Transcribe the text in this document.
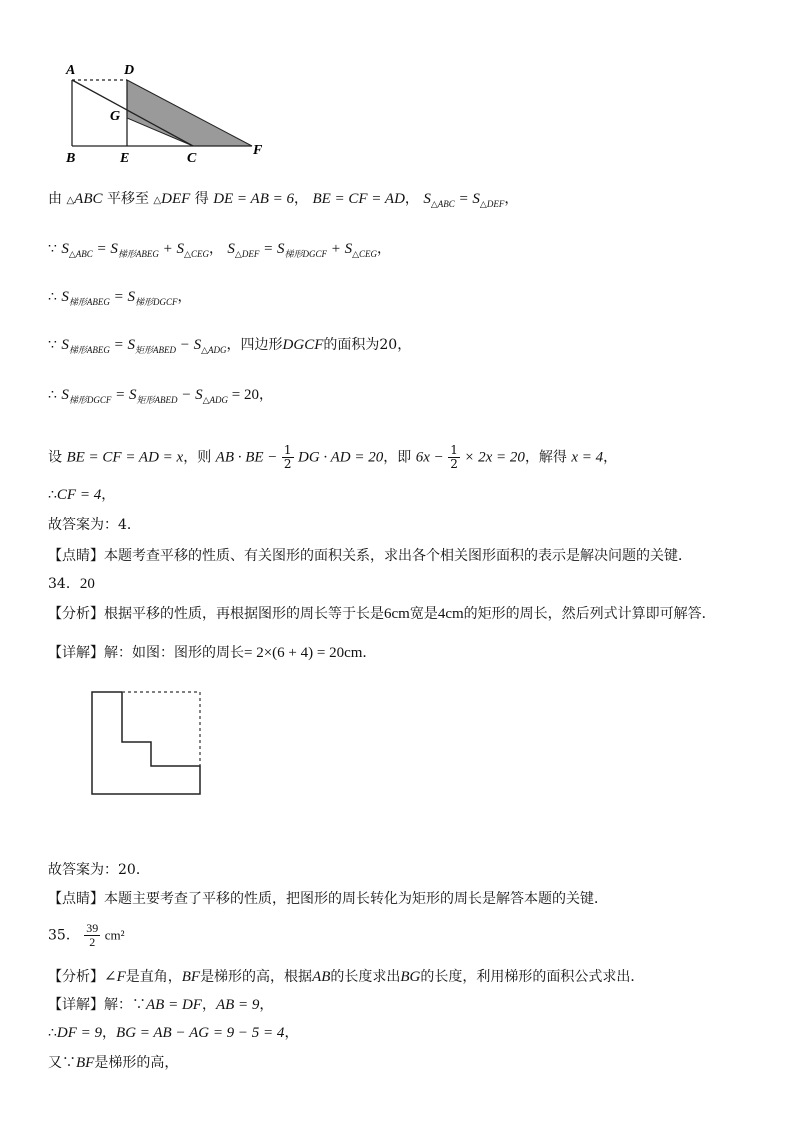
A	D
G
B	E	C
F
由 △ABC 平移至 △DEF 得 DE = AB = 6， BE = CF = AD， $S_{\triangle ABC} = S_{\triangle DEF}$，
∵ $S_{\triangle ABC} = S_{梯形ABEG} + S_{\triangle CEG}$， $S_{\triangle DEF} = S_{梯形DGCF} + S_{\triangle CEG}$，
∴ $S_{梯形ABEG} = S_{梯形DGCF}$，
∵ $S_{梯形ABEG} = S_{矩形ABED} - S_{\triangle ADG}$，四边形DGCF的面积为20，
∴ $S_{梯形DGCF} = S_{矩形ABED} - S_{\triangle ADG} = 20$，
设 BE = CF = AD = x，则 AB · BE − $\frac{1}{2}$ DG · AD = 20，即 $6x - \frac{1}{2} \times 2x = 20$，解得 x = 4，
∴CF = 4，
故答案为：4．
【点睛】本题考查平移的性质、有关图形的面积关系，求出各个相关图形面积的表示是解决问题的关键．
34．20
【分析】根据平移的性质，再根据图形的周长等于长是6cm宽是4cm的矩形的周长，然后列式计算即可解答．
【详解】解：如图：图形的周长= 2×(6 + 4) = 20cm．
故答案为：20．
【点睛】本题主要考查了平移的性质，把图形的周长转化为矩形的周长是解答本题的关键．
35． $\frac{39}{2} cm^2$
【分析】∠F是直角，BF是梯形的高，根据AB的长度求出BG的长度，利用梯形的面积公式求出．
【详解】解：∵AB = DF，AB = 9，
∴DF = 9，BG = AB − AG = 9 − 5 = 4，
又∵BF是梯形的高，
